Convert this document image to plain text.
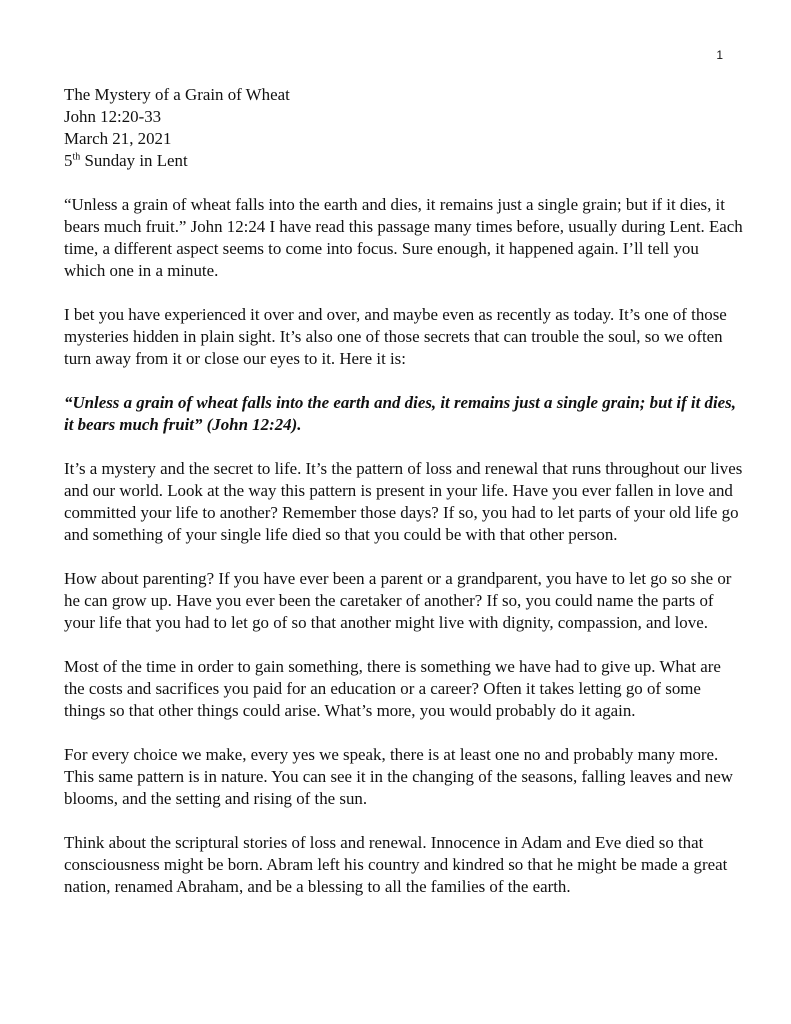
1

The Mystery of a Grain of Wheat

John 12:20-33

March 21, 2021

5th Sunday in Lent

“Unless a grain of wheat falls into the earth and dies, it remains just a single grain; but if it dies, it bears much fruit.” John 12:24 I have read this passage many times before, usually during Lent. Each time, a different aspect seems to come into focus. Sure enough, it happened again. I’ll tell you which one in a minute.

I bet you have experienced it over and over, and maybe even as recently as today. It’s one of those mysteries hidden in plain sight. It’s also one of those secrets that can trouble the soul, so we often turn away from it or close our eyes to it. Here it is:

“Unless a grain of wheat falls into the earth and dies, it remains just a single grain; but if it dies, it bears much fruit” (John 12:24).

It’s a mystery and the secret to life. It’s the pattern of loss and renewal that runs throughout our lives and our world. Look at the way this pattern is present in your life. Have you ever fallen in love and committed your life to another? Remember those days? If so, you had to let parts of your old life go and something of your single life died so that you could be with that other person.

How about parenting? If you have ever been a parent or a grandparent, you have to let go so she or he can grow up. Have you ever been the caretaker of another? If so, you could name the parts of your life that you had to let go of so that another might live with dignity, compassion, and love.

Most of the time in order to gain something, there is something we have had to give up. What are the costs and sacrifices you paid for an education or a career? Often it takes letting go of some things so that other things could arise. What’s more, you would probably do it again.

For every choice we make, every yes we speak, there is at least one no and probably many more. This same pattern is in nature. You can see it in the changing of the seasons, falling leaves and new blooms, and the setting and rising of the sun.

Think about the scriptural stories of loss and renewal. Innocence in Adam and Eve died so that consciousness might be born. Abram left his country and kindred so that he might be made a great nation, renamed Abraham, and be a blessing to all the families of the earth.
